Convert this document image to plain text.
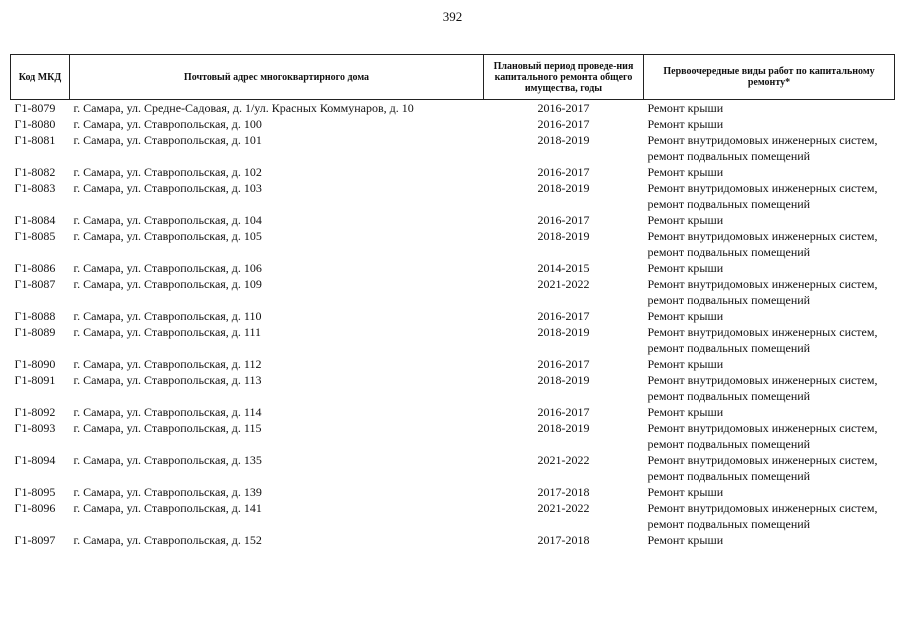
392
Код МКД	Почтовый адрес многоквартирного дома	Плановый период проведе-ния капитального ремонта общего имущества, годы	Первоочередные виды работ по капитальному ремонту*
Г1-8079	г. Самара, ул. Средне-Садовая, д. 1/ул. Красных Коммунаров, д. 10	2016-2017	Ремонт крыши

Г1-8080	г. Самара, ул. Ставропольская, д. 100	2016-2017	Ремонт крыши

Г1-8081	г. Самара, ул. Ставропольская, д. 101	2018-2019	Ремонт внутридомовых инженерных систем,
ремонт подвальных помещений

Г1-8082	г. Самара, ул. Ставропольская, д. 102	2016-2017	Ремонт крыши

Г1-8083	г. Самара, ул. Ставропольская, д. 103	2018-2019	Ремонт внутридомовых инженерных систем,
ремонт подвальных помещений

Г1-8084	г. Самара, ул. Ставропольская, д. 104	2016-2017	Ремонт крыши

Г1-8085	г. Самара, ул. Ставропольская, д. 105	2018-2019	Ремонт внутридомовых инженерных систем,
ремонт подвальных помещений

Г1-8086	г. Самара, ул. Ставропольская, д. 106	2014-2015	Ремонт крыши

Г1-8087	г. Самара, ул. Ставропольская, д. 109	2021-2022	Ремонт внутридомовых инженерных систем,
ремонт подвальных помещений

Г1-8088	г. Самара, ул. Ставропольская, д. 110	2016-2017	Ремонт крыши

Г1-8089	г. Самара, ул. Ставропольская, д. 111	2018-2019	Ремонт внутридомовых инженерных систем,
ремонт подвальных помещений

Г1-8090	г. Самара, ул. Ставропольская, д. 112	2016-2017	Ремонт крыши

Г1-8091	г. Самара, ул. Ставропольская, д. 113	2018-2019	Ремонт внутридомовых инженерных систем,
ремонт подвальных помещений

Г1-8092	г. Самара, ул. Ставропольская, д. 114	2016-2017	Ремонт крыши

Г1-8093	г. Самара, ул. Ставропольская, д. 115	2018-2019	Ремонт внутридомовых инженерных систем,
ремонт подвальных помещений

Г1-8094	г. Самара, ул. Ставропольская, д. 135	2021-2022	Ремонт внутридомовых инженерных систем,
ремонт подвальных помещений

Г1-8095	г. Самара, ул. Ставропольская, д. 139	2017-2018	Ремонт крыши

Г1-8096	г. Самара, ул. Ставропольская, д. 141	2021-2022	Ремонт внутридомовых инженерных систем,
ремонт подвальных помещений

Г1-8097	г. Самара, ул. Ставропольская, д. 152	2017-2018	Ремонт крыши
